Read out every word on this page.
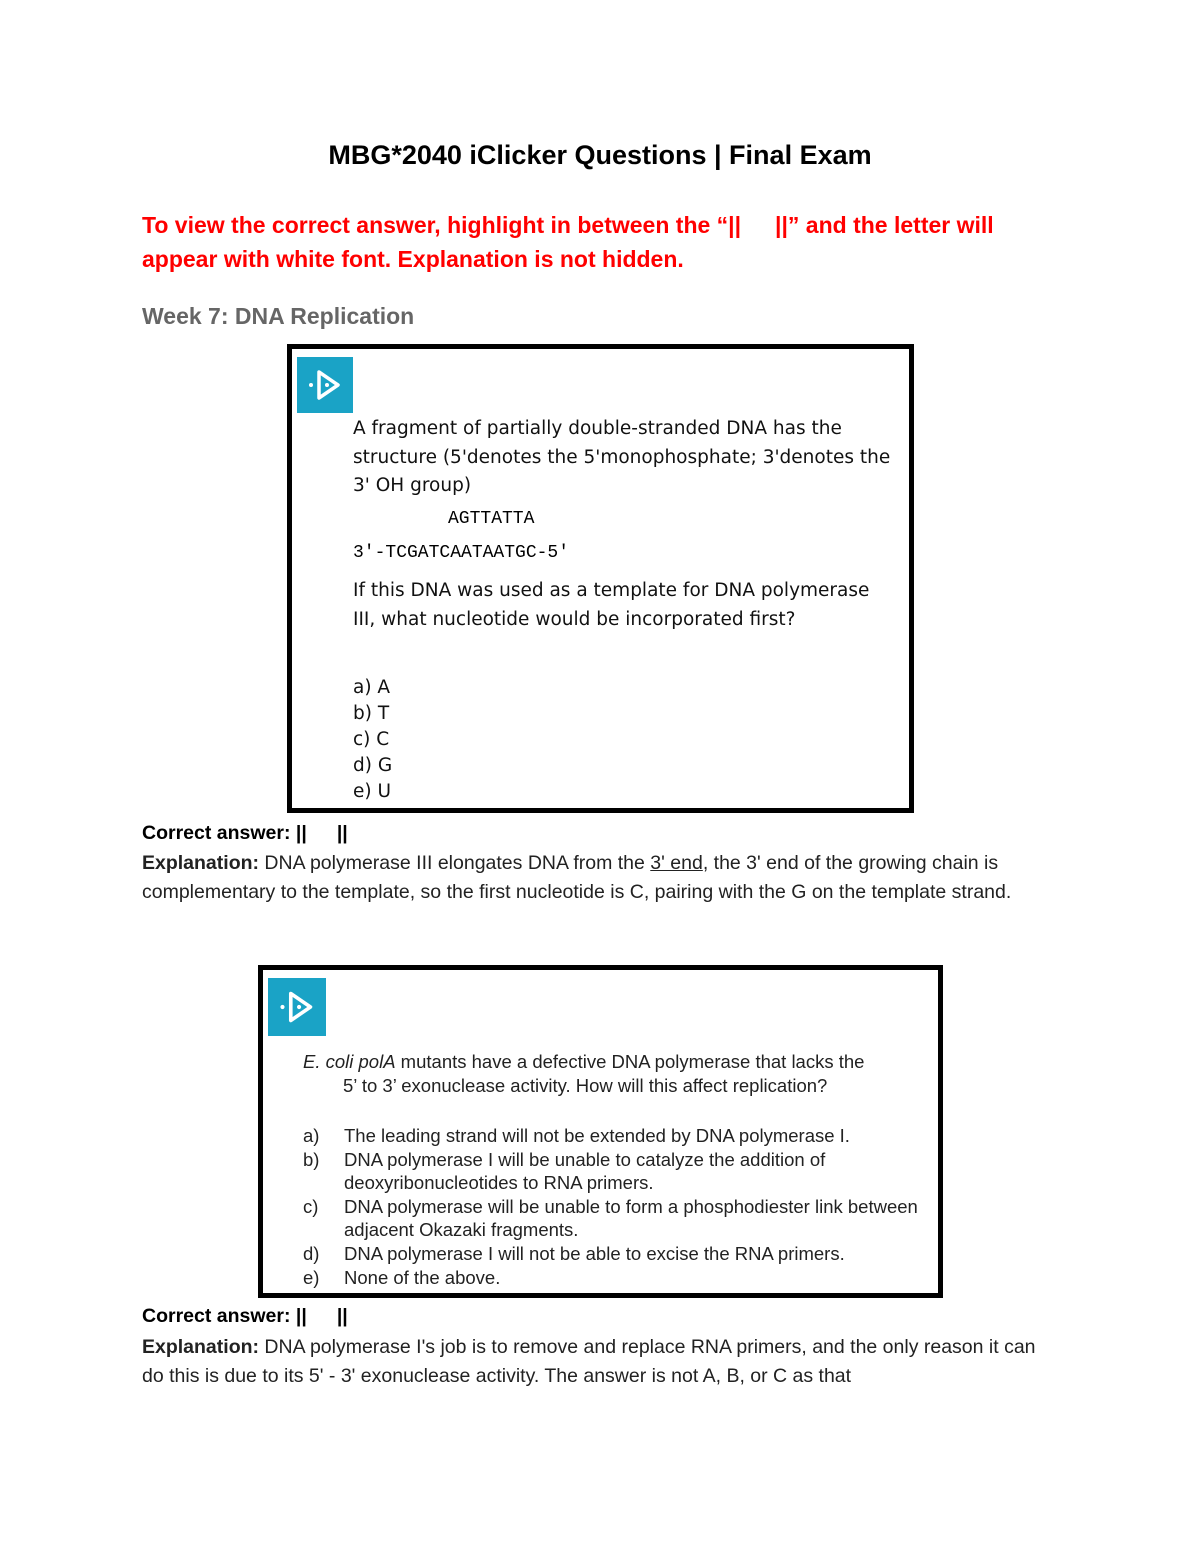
MBG*2040 iClicker Questions | Final Exam
To view the correct answer, highlight in between the “|| ||” and the letter will appear with white font. Explanation is not hidden.
Week 7: DNA Replication
A fragment of partially double-stranded DNA has the structure (5'denotes the 5'monophosphate; 3'denotes the 3' OH group)
AGTTATTA
3'-TCGATCAATAATGC-5'
If this DNA was used as a template for DNA polymerase III, what nucleotide would be incorporated first?
a) A
b) T
c) C
d) G
e) U
Correct answer: || ||
Explanation: DNA polymerase III elongates DNA from the 3' end, the 3' end of the growing chain is complementary to the template, so the first nucleotide is C, pairing with the G on the template strand.
E. coli polA mutants have a defective DNA polymerase that lacks the
5’ to 3’ exonuclease activity. How will this affect replication?
a)	The leading strand will not be extended by DNA polymerase I.
b)	DNA polymerase I will be unable to catalyze the addition of deoxyribonucleotides to RNA primers.
c)	DNA polymerase will be unable to form a phosphodiester link between adjacent Okazaki fragments.
d)	DNA polymerase I will not be able to excise the RNA primers.
e)	None of the above.
Correct answer: || ||
Explanation: DNA polymerase I's job is to remove and replace RNA primers, and the only reason it can do this is due to its 5' - 3' exonuclease activity. The answer is not A, B, or C as that
